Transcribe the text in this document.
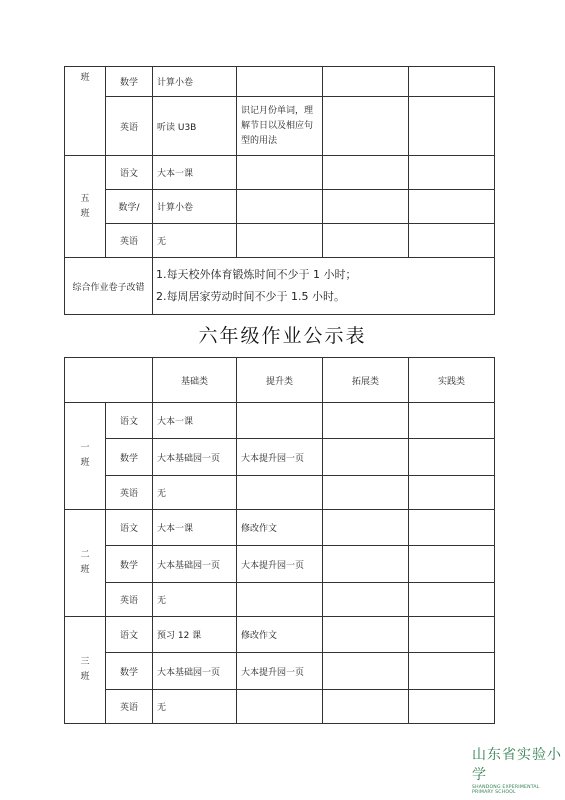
班	数学	计算小卷			
	英语	听读 U3B	识记月份单词，理解节日以及相应句型的用法		
五
班	语文	大本一课			
	数学/	计算小卷			
	英语	无			
综合作业卷子改错		1.每天校外体育锻炼时间不少于 1 小时；
2.每周居家劳动时间不少于 1.5 小时。			
六年级作业公示表
		基础类	提升类	拓展类	实践类
一
班	语文	大本一课			
	数学	大本基础园一页	大本提升园一页		
	英语	无			
二
班	语文	大本一课	修改作文		
	数学	大本基础园一页	大本提升园一页		
	英语	无			
三
班	语文	预习 12 课	修改作文		
	数学	大本基础园一页	大本提升园一页		
	英语	无			
山东省实验小学
SHANDONG EXPERIMENTAL PRIMARY SCHOOL
